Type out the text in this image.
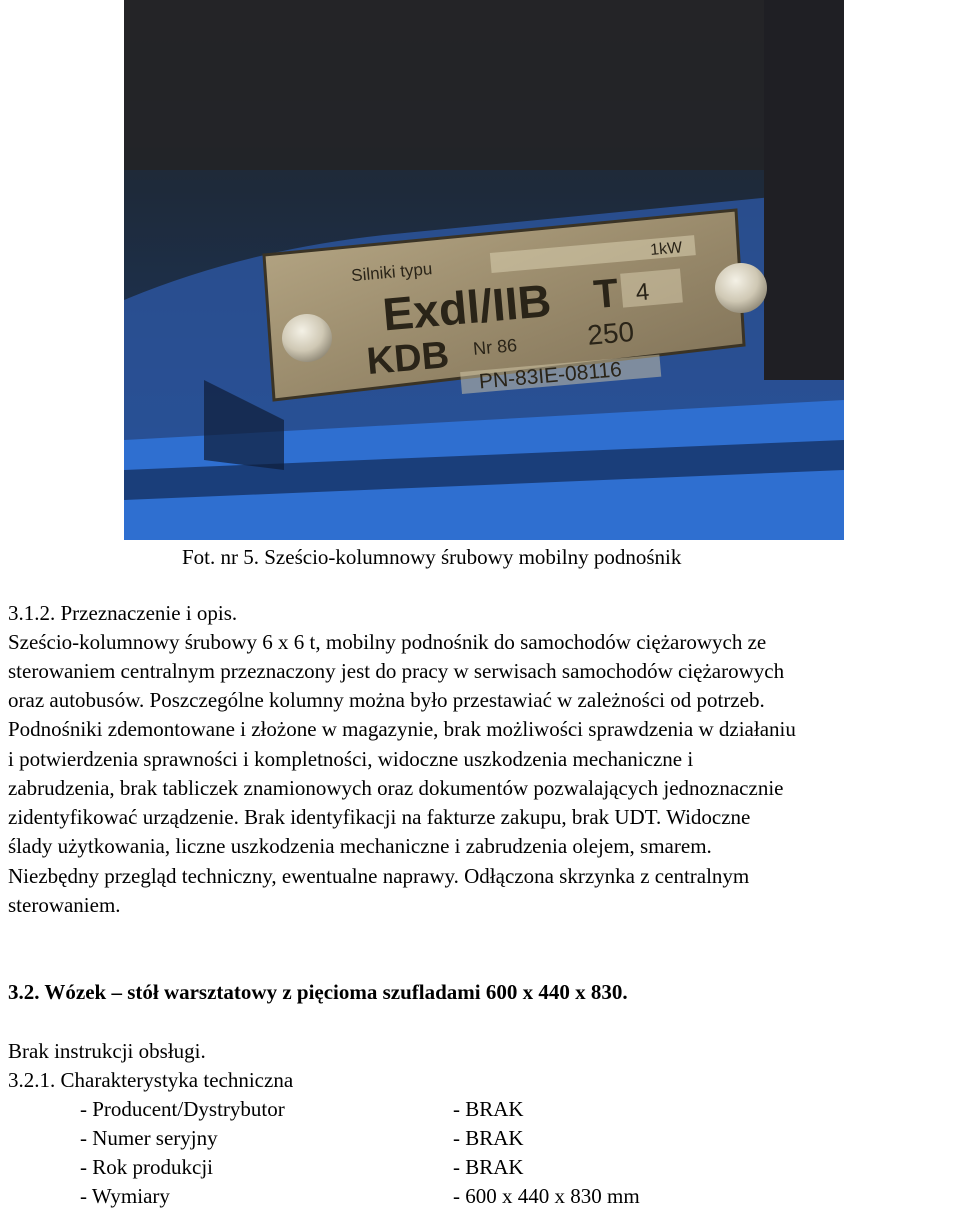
Silniki typu
1kW
Exdl/IIB T 4
KDB Nr 86 250
PN-83IE-08116
Fot. nr 5. Sześcio-kolumnowy śrubowy mobilny podnośnik
3.1.2. Przeznaczenie i opis.
Sześcio-kolumnowy śrubowy 6 x 6 t, mobilny podnośnik do samochodów ciężarowych ze
sterowaniem centralnym przeznaczony jest do pracy w serwisach samochodów ciężarowych
oraz autobusów. Poszczególne kolumny można było przestawiać w zależności od potrzeb.
Podnośniki zdemontowane i złożone w magazynie, brak możliwości sprawdzenia w działaniu
i potwierdzenia sprawności i kompletności, widoczne uszkodzenia mechaniczne i
zabrudzenia, brak tabliczek znamionowych oraz dokumentów pozwalających jednoznacznie
zidentyfikować urządzenie. Brak identyfikacji na fakturze zakupu, brak UDT. Widoczne
ślady użytkowania, liczne uszkodzenia mechaniczne i zabrudzenia olejem, smarem.
Niezbędny przegląd techniczny, ewentualne naprawy. Odłączona skrzynka z centralnym
sterowaniem.
3.2. Wózek – stół warsztatowy z pięcioma szufladami 600 x 440 x 830.
Brak instrukcji obsługi.
3.2.1. Charakterystyka techniczna
- Producent/Dystrybutor	- BRAK
- Numer seryjny	- BRAK
- Rok produkcji	- BRAK
- Wymiary	- 600 x 440 x 830 mm
